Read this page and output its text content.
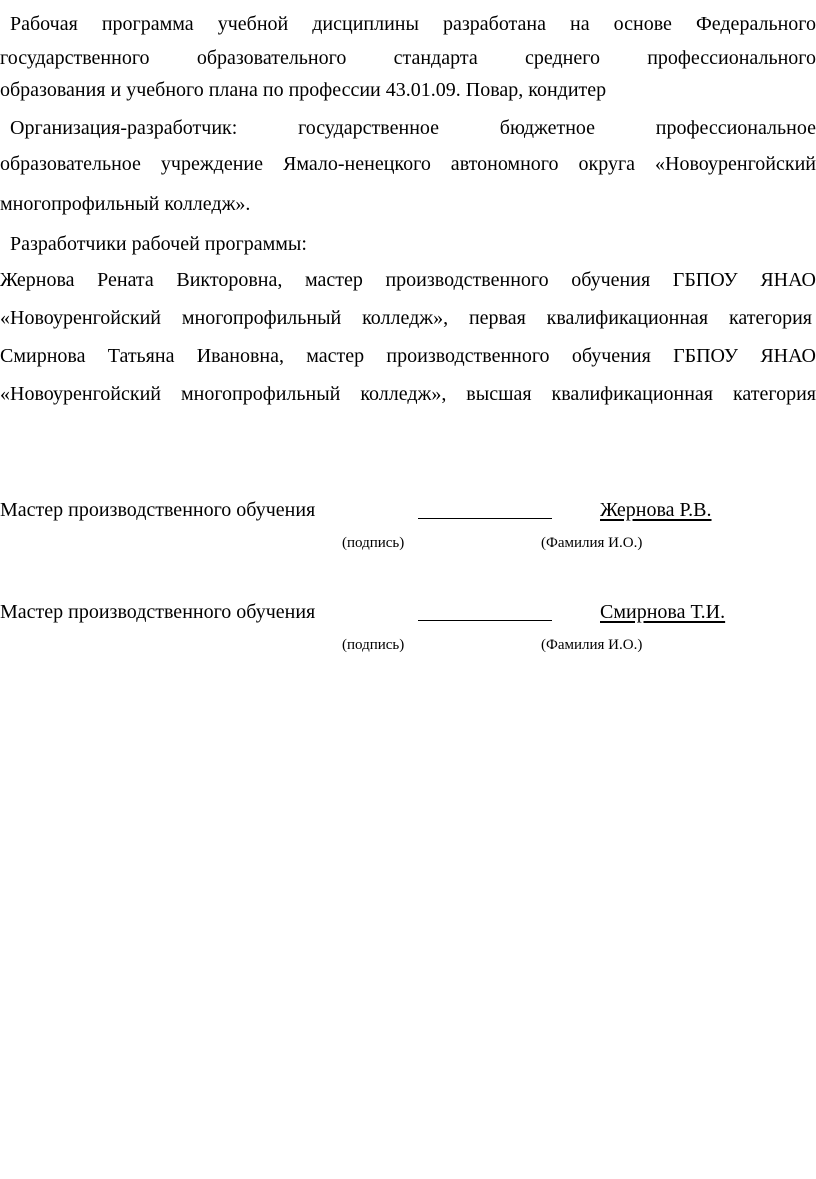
Рабочая программа учебной дисциплины разработана на основе Федерального
государственного образовательного стандарта среднего профессионального
образования и учебного плана по профессии 43.01.09. Повар, кондитер
Организация-разработчик: государственное бюджетное профессиональное
образовательное учреждение Ямало-ненецкого автономного округа «Новоуренгойский
многопрофильный колледж».
Разработчики рабочей программы:
Жернова Рената Викторовна, мастер производственного обучения ГБПОУ ЯНАО
«Новоуренгойский многопрофильный колледж», первая квалификационная категория
Смирнова Татьяна Ивановна, мастер производственного обучения ГБПОУ ЯНАО
«Новоуренгойский многопрофильный колледж», высшая квалификационная категория
Мастер производственного обучения	Жернова Р.В.
(подпись)	(Фамилия И.О.)
Мастер производственного обучения	Смирнова Т.И.
(подпись)	(Фамилия И.О.)
